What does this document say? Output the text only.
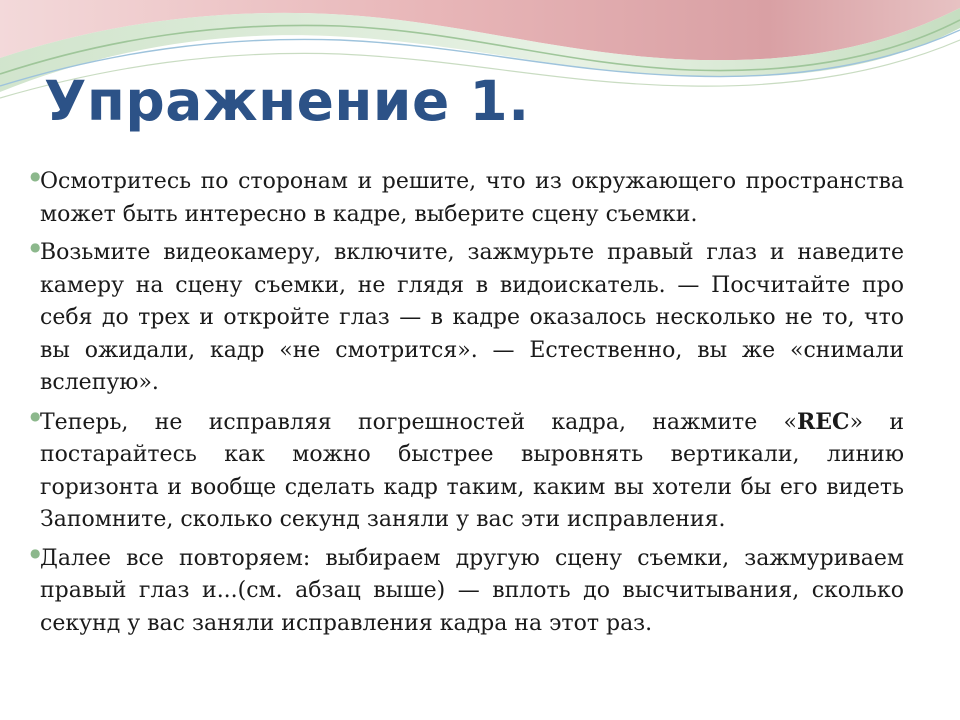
Упражнение 1.
● Осмотритесь по сторонам и решите, что из окружающего пространства может быть интересно в кадре, выберите сцену съемки.
● Возьмите видеокамеру, включите, зажмурьте правый глаз и наведите камеру на сцену съемки, не глядя в видоискатель. — Посчитайте про себя до трех и откройте глаз — в кадре оказалось несколько не то, что вы ожидали, кадр «не смотрится». — Естественно, вы же «снимали вслепую».
● Теперь, не исправляя погрешностей кадра, нажмите «REC» и постарайтесь как можно быстрее выровнять вертикали, линию горизонта и вообще сделать кадр таким, каким вы хотели бы его видеть Запомните, сколько секунд заняли у вас эти исправления.
● Далее все повторяем: выбираем другую сцену съемки, зажмуриваем правый глаз и...(см. абзац выше) — вплоть до высчитывания, сколько секунд у вас заняли исправления кадра на этот раз.
